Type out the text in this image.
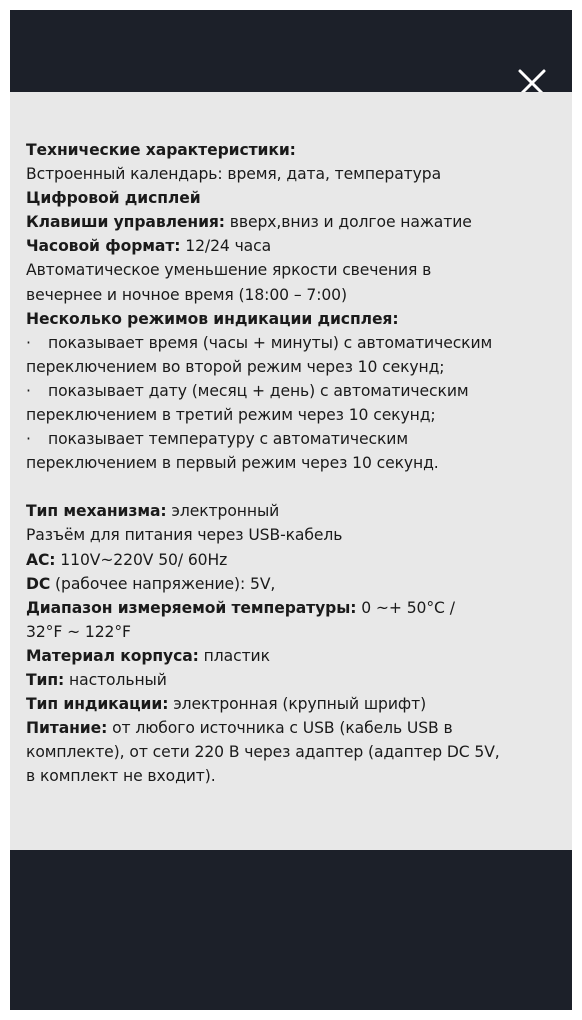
Технические характеристики:
Встроенный календарь: время, дата, температура
Цифровой дисплей
Клавиши управления: вверх,вниз и долгое нажатие
Часовой формат: 12/24 часа
Автоматическое уменьшение яркости свечения в
вечернее и ночное время (18:00 – 7:00)
Несколько режимов индикации дисплея:
· показывает время (часы + минуты) с автоматическим
переключением во второй режим через 10 секунд;
· показывает дату (месяц + день) с автоматическим
переключением в третий режим через 10 секунд;
· показывает температуру с автоматическим
переключением в первый режим через 10 секунд.
Тип механизма: электронный
Разъём для питания через USB-кабель
AC: 110V~220V 50/ 60Hz
DC (рабочее напряжение): 5V,
Диапазон измеряемой температуры: 0 ~+ 50°C /
32°F ~ 122°F
Материал корпуса: пластик
Тип: настольный
Тип индикации: электронная (крупный шрифт)
Питание: от любого источника с USB (кабель USB в
комплекте), от сети 220 В через адаптер (адаптер DC 5V,
в комплект не входит).
